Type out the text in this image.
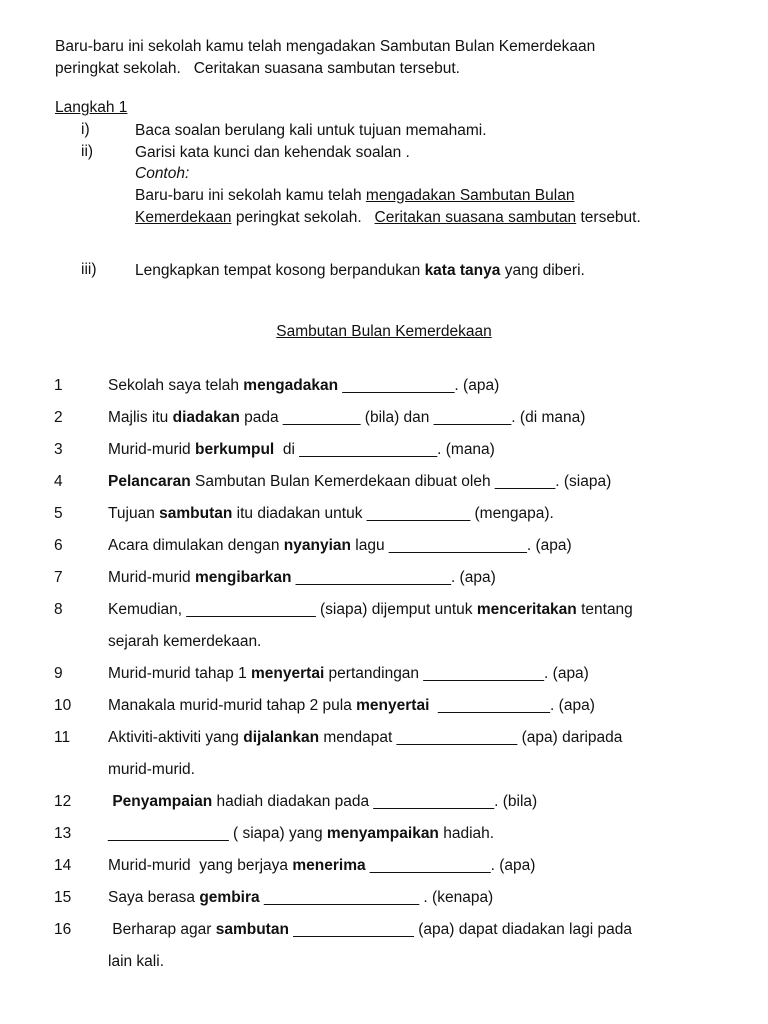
Baru-baru ini sekolah kamu telah mengadakan Sambutan Bulan Kemerdekaan
peringkat sekolah.   Ceritakan suasana sambutan tersebut.
Langkah 1
i)	Baca soalan berulang kali untuk tujuan memahami.
ii)	Garisi kata kunci dan kehendak soalan .
Contoh:
Baru-baru ini sekolah kamu telah mengadakan Sambutan Bulan
Kemerdekaan peringkat sekolah.   Ceritakan suasana sambutan tersebut.
iii) Lengkapkan tempat kosong berpandukan kata tanya yang diberi.
Sambutan Bulan Kemerdekaan
1	Sekolah saya telah mengadakan _____________. (apa)
2	Majlis itu diadakan pada _________ (bila) dan _________. (di mana)
3	Murid-murid berkumpul  di ________________. (mana)
4	Pelancaran Sambutan Bulan Kemerdekaan dibuat oleh _______. (siapa)
5	Tujuan sambutan itu diadakan untuk ____________ (mengapa).
6	Acara dimulakan dengan nyanyian lagu ________________. (apa)
7	Murid-murid mengibarkan __________________. (apa)
8	Kemudian, _______________ (siapa) dijemput untuk menceritakan tentang
sejarah kemerdekaan.
9	Murid-murid tahap 1 menyertai pertandingan ______________. (apa)
10 Manakala murid-murid tahap 2 pula menyertai  _____________. (apa)
11 Aktiviti-aktiviti yang dijalankan mendapat ______________ (apa) daripada
murid-murid.
12	Penyampaian hadiah diadakan pada ______________. (bila)
13 ______________ ( siapa) yang menyampaikan hadiah.
14 Murid-murid  yang berjaya menerima ______________. (apa)
15 Saya berasa gembira __________________ . (kenapa)
16 Berharap agar sambutan ______________ (apa) dapat diadakan lagi pada
lain kali.
